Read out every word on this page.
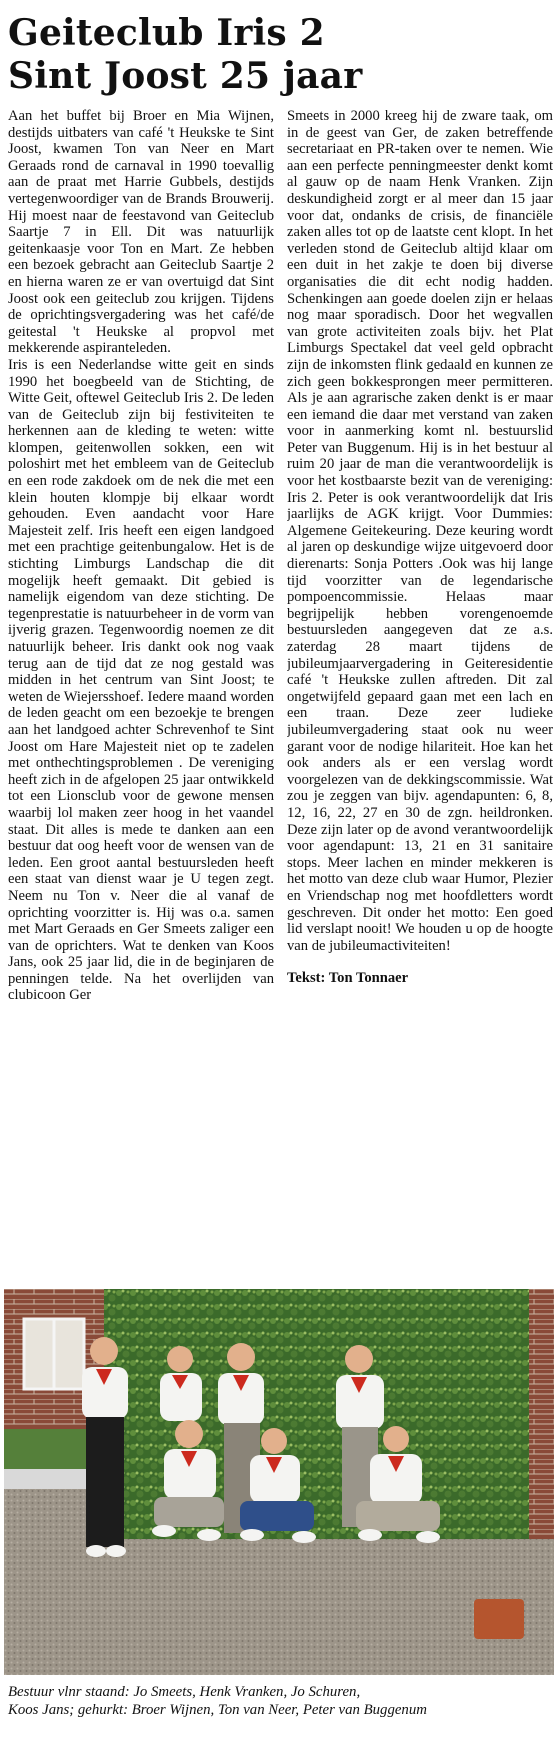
Geiteclub Iris 2
Sint Joost 25 jaar

Aan het buffet bij Broer en Mia Wijnen, destijds uitbaters van café 't Heukske te Sint Joost, kwamen Ton van Neer en Mart Geraads rond de carnaval in 1990 toevallig aan de praat met Harrie Gubbels, destijds vertegenwoordiger van de Brands Brouwerij. Hij moest naar de feestavond van Geiteclub Saartje 7 in Ell. Dit was natuurlijk geitenkaasje voor Ton en Mart. Ze hebben een bezoek gebracht aan Geiteclub Saartje 2 en hierna waren ze er van overtuigd dat Sint Joost ook een geiteclub zou krijgen. Tijdens de oprichtingsvergadering was het café/de geitestal 't Heukske al propvol met mekkerende aspiranteleden.

Iris is een Nederlandse witte geit en sinds 1990 het boegbeeld van de Stichting, de Witte Geit, oftewel Geiteclub Iris 2. De leden van de Geiteclub zijn bij festiviteiten te herkennen aan de kleding te weten: witte klompen, geitenwollen sokken, een wit poloshirt met het embleem van de Geiteclub en een rode zakdoek om de nek die met een klein houten klompje bij elkaar wordt gehouden. Even aandacht voor Hare Majesteit zelf. Iris heeft een eigen landgoed met een prachtige geitenbungalow. Het is de stichting Limburgs Landschap die dit mogelijk heeft gemaakt. Dit gebied is namelijk eigendom van deze stichting. De tegenprestatie is natuurbeheer in de vorm van ijverig grazen. Tegenwoordig noemen ze dit natuurlijk beheer. Iris dankt ook nog vaak terug aan de tijd dat ze nog gestald was midden in het centrum van Sint Joost; te weten de Wiejersshoef. Iedere maand worden de leden geacht om een bezoekje te brengen aan het landgoed achter Schrevenhof te Sint Joost om Hare Majesteit niet op te zadelen met onthechtingsproblemen . De vereniging heeft zich in de afgelopen 25 jaar ontwikkeld tot een Lionsclub voor de gewone mensen waarbij lol maken zeer hoog in het vaandel staat. Dit alles is mede te danken aan een bestuur dat oog heeft voor de wensen van de leden. Een groot aantal bestuursleden heeft een staat van dienst waar je U tegen zegt. Neem nu Ton v. Neer die al vanaf de oprichting voorzitter is. Hij was o.a. samen met Mart Geraads en Ger Smeets zaliger een van de oprichters. Wat te denken van Koos Jans, ook 25 jaar lid, die in de beginjaren de penningen telde. Na het overlijden van clubicoon Ger

Smeets in 2000 kreeg hij de zware taak, om in de geest van Ger, de zaken betreffende secretariaat en PR-taken over te nemen. Wie aan een perfecte penningmeester denkt komt al gauw op de naam Henk Vranken. Zijn deskundigheid zorgt er al meer dan 15 jaar voor dat, ondanks de crisis, de financiële zaken alles tot op de laatste cent klopt. In het verleden stond de Geiteclub altijd klaar om een duit in het zakje te doen bij diverse organisaties die dit echt nodig hadden. Schenkingen aan goede doelen zijn er helaas nog maar sporadisch. Door het wegvallen van grote activiteiten zoals bijv. het Plat Limburgs Spectakel dat veel geld opbracht zijn de inkomsten flink gedaald en kunnen ze zich geen bokkesprongen meer permitteren. Als je aan agrarische zaken denkt is er maar een iemand die daar met verstand van zaken voor in aanmerking komt nl. bestuurslid Peter van Buggenum. Hij is in het bestuur al ruim 20 jaar de man die verantwoordelijk is voor het kostbaarste bezit van de vereniging: Iris 2. Peter is ook verantwoordelijk dat Iris jaarlijks de AGK krijgt. Voor Dummies: Algemene Geitekeuring. Deze keuring wordt al jaren op deskundige wijze uitgevoerd door dierenarts: Sonja Potters .Ook was hij lange tijd voorzitter van de legendarische pompoencommissie. Helaas maar begrijpelijk hebben vorengenoemde bestuursleden aangegeven dat ze a.s. zaterdag 28 maart tijdens de jubileumjaarvergadering in Geiteresidentie café 't Heukske zullen aftreden. Dit zal ongetwijfeld gepaard gaan met een lach en een traan. Deze zeer ludieke jubileumvergadering staat ook nu weer garant voor de nodige hilariteit. Hoe kan het ook anders als er een verslag wordt voorgelezen van de dekkingscommissie. Wat zou je zeggen van bijv. agendapunten: 6, 8, 12, 16, 22, 27 en 30 de zgn. heildronken. Deze zijn later op de avond verantwoordelijk voor agendapunt: 13, 21 en 31 sanitaire stops. Meer lachen en minder mekkeren is het motto van deze club waar Humor, Plezier en Vriendschap nog met hoofdletters wordt geschreven. Dit onder het motto: Een goed lid verslapt nooit! We houden u op de hoogte van de jubileumactiviteiten!

Tekst: Ton Tonnaer

Bestuur vlnr staand: Jo Smeets, Henk Vranken, Jo Schuren,
Koos Jans; gehurkt: Broer Wijnen, Ton van Neer, Peter van Buggenum
